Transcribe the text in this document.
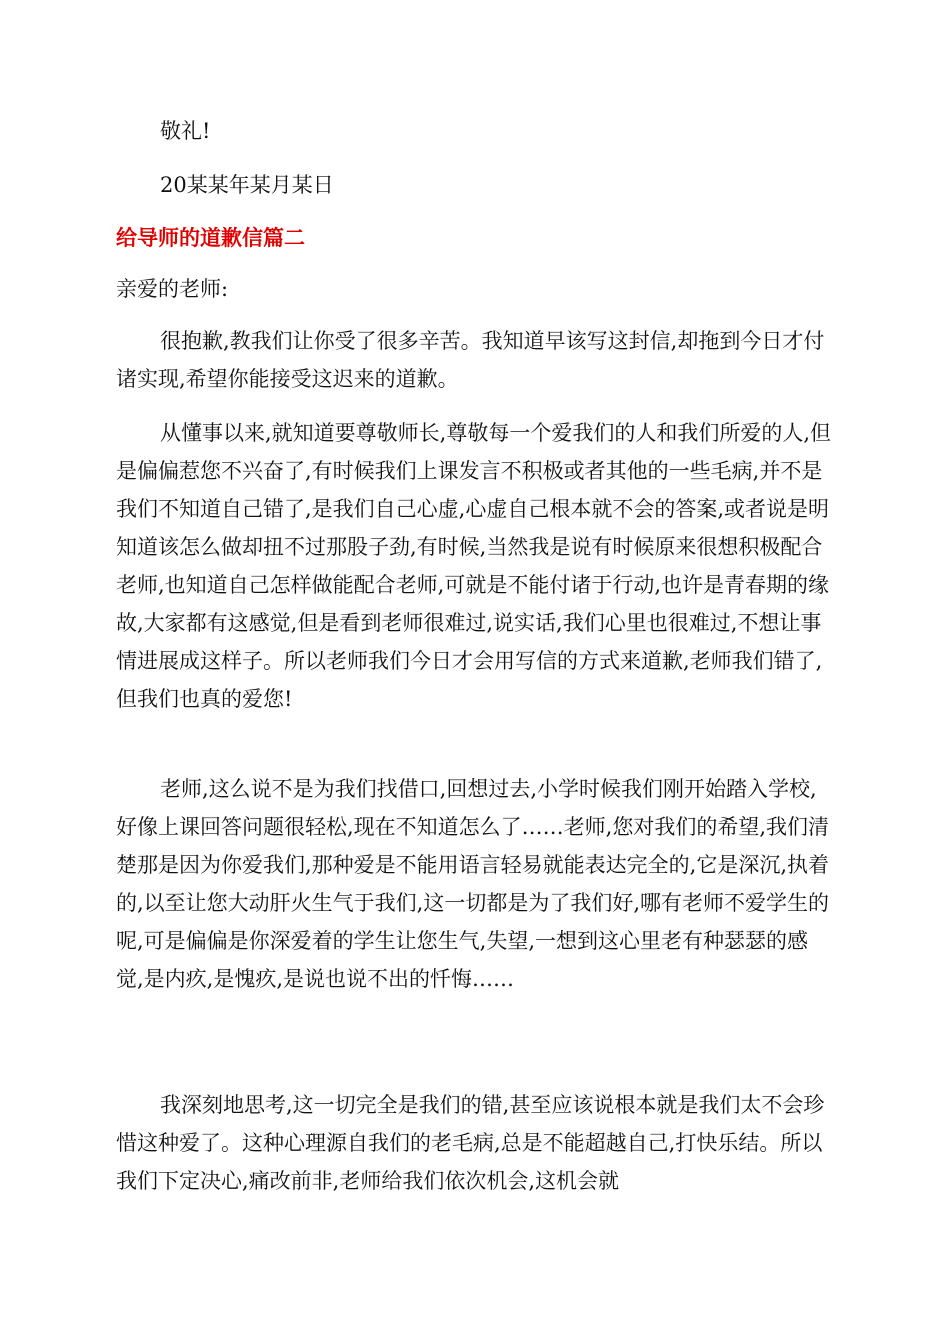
敬礼!

20某某年某月某日

给导师的道歉信篇二

亲爱的老师:

很抱歉,教我们让你受了很多辛苦。我知道早该写这封信,却拖到今日才付诸实现,希望你能接受这迟来的道歉。

从懂事以来,就知道要尊敬师长,尊敬每一个爱我们的人和我们所爱的人,但是偏偏惹您不兴奋了,有时候我们上课发言不积极或者其他的一些毛病,并不是我们不知道自己错了,是我们自己心虚,心虚自己根本就不会的答案,或者说是明知道该怎么做却扭不过那股子劲,有时候,当然我是说有时候原来很想积极配合老师,也知道自己怎样做能配合老师,可就是不能付诸于行动,也许是青春期的缘故,大家都有这感觉,但是看到老师很难过,说实话,我们心里也很难过,不想让事情进展成这样子。所以老师我们今日才会用写信的方式来道歉,老师我们错了,但我们也真的爱您!

老师,这么说不是为我们找借口,回想过去,小学时候我们刚开始踏入学校,好像上课回答问题很轻松,现在不知道怎么了……老师,您对我们的希望,我们清楚那是因为你爱我们,那种爱是不能用语言轻易就能表达完全的,它是深沉,执着的,以至让您大动肝火生气于我们,这一切都是为了我们好,哪有老师不爱学生的呢,可是偏偏是你深爱着的学生让您生气,失望,一想到这心里老有种瑟瑟的感觉,是内疚,是愧疚,是说也说不出的忏悔……

我深刻地思考,这一切完全是我们的错,甚至应该说根本就是我们太不会珍惜这种爱了。这种心理源自我们的老毛病,总是不能超越自己,打快乐结。所以我们下定决心,痛改前非,老师给我们依次机会,这机会就
